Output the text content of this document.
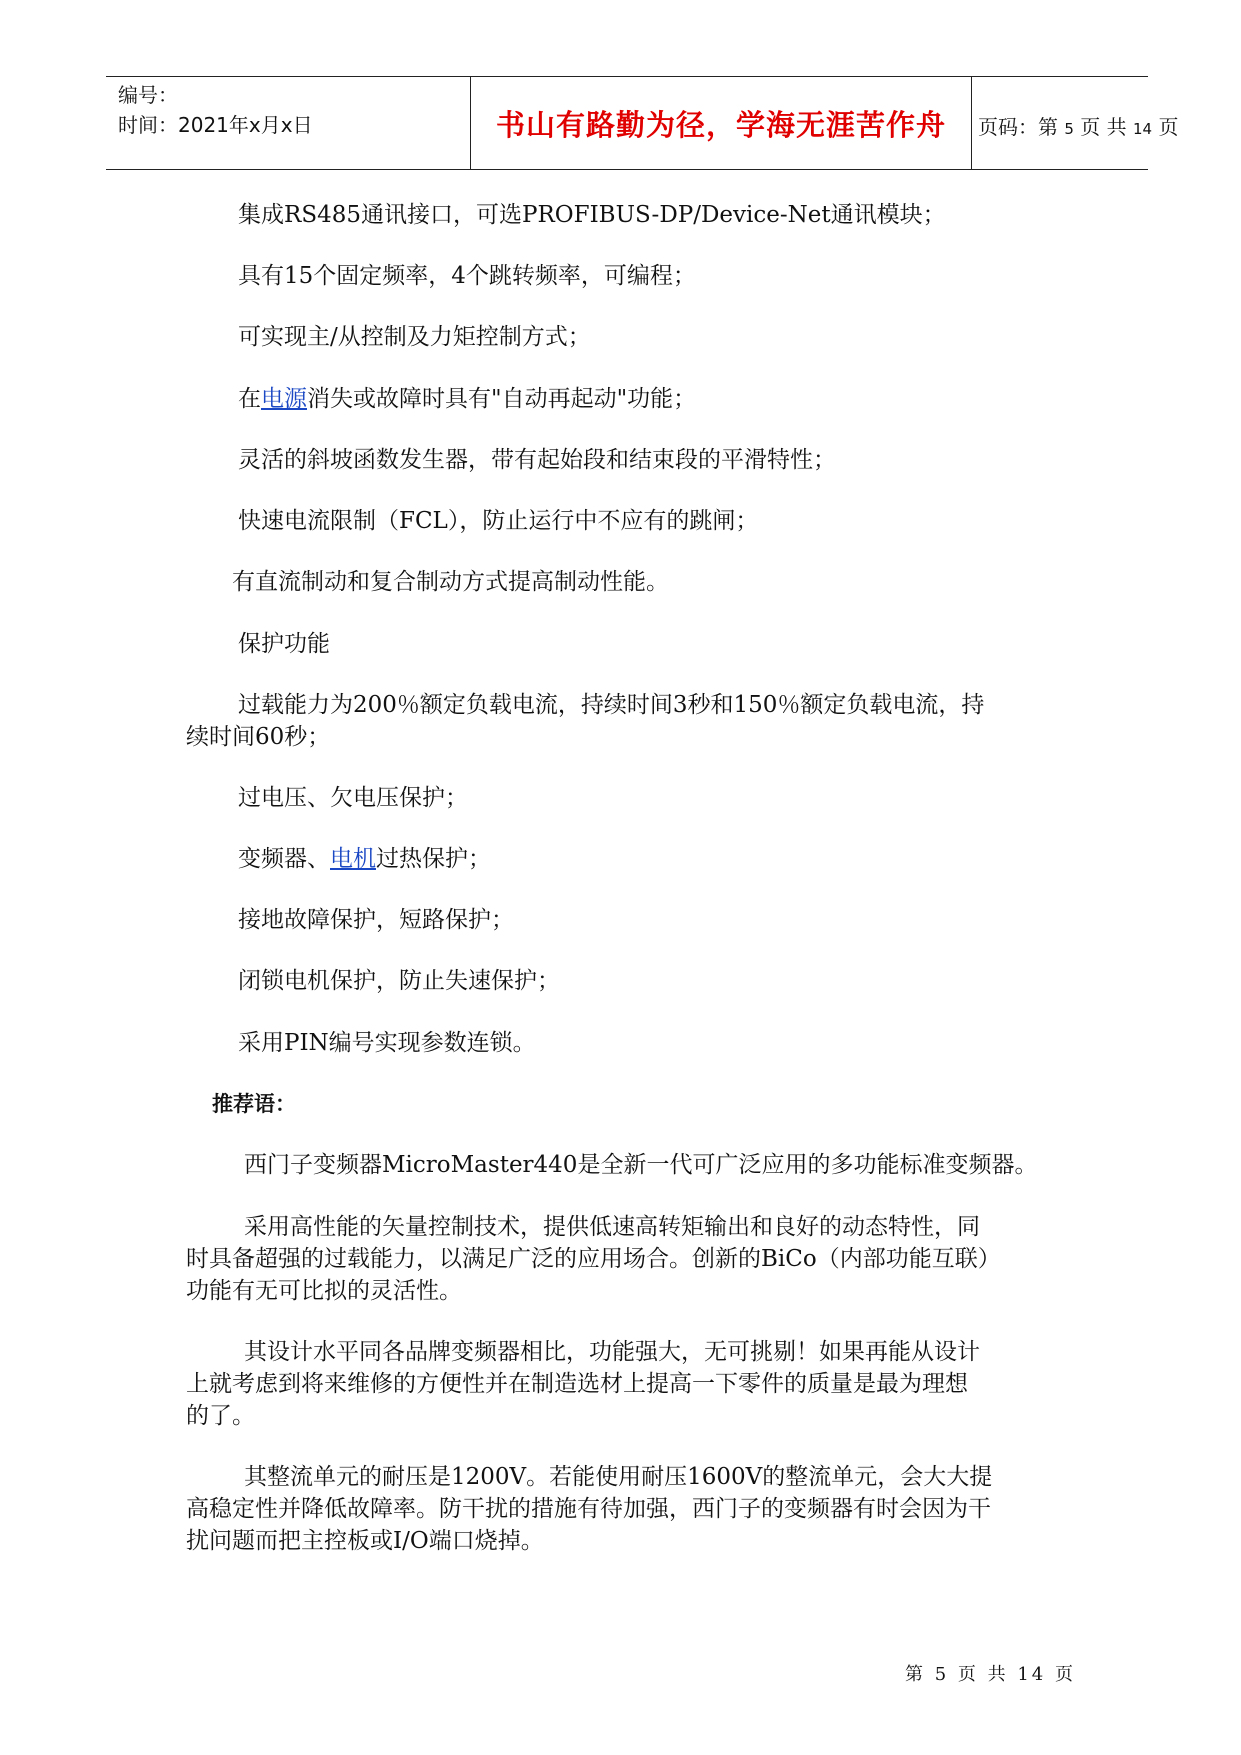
编号：
时间：2021年x月x日	书山有路勤为径，学海无涯苦作舟	页码：第 5 页 共 14 页
集成RS485通讯接口，可选PROFIBUS-DP/Device-Net通讯模块；
具有15个固定频率，4个跳转频率，可编程；
可实现主/从控制及力矩控制方式；
在电源消失或故障时具有"自动再起动"功能；
灵活的斜坡函数发生器，带有起始段和结束段的平滑特性；
快速电流限制（FCL），防止运行中不应有的跳闸；
有直流制动和复合制动方式提高制动性能。
保护功能
过载能力为200％额定负载电流，持续时间3秒和150％额定负载电流，持
续时间60秒；
过电压、欠电压保护；
变频器、电机过热保护；
接地故障保护，短路保护；
闭锁电机保护，防止失速保护；
采用PIN编号实现参数连锁。
推荐语：
西门子变频器MicroMaster440是全新一代可广泛应用的多功能标准变频器。
采用高性能的矢量控制技术，提供低速高转矩输出和良好的动态特性，同
时具备超强的过载能力，以满足广泛的应用场合。创新的BiCo（内部功能互联）
功能有无可比拟的灵活性。
其设计水平同各品牌变频器相比，功能强大，无可挑剔！如果再能从设计
上就考虑到将来维修的方便性并在制造选材上提高一下零件的质量是最为理想
的了。
其整流单元的耐压是1200V。若能使用耐压1600V的整流单元，会大大提
高稳定性并降低故障率。防干扰的措施有待加强，西门子的变频器有时会因为干
扰问题而把主控板或I/O端口烧掉。
第 5 页 共 14 页
